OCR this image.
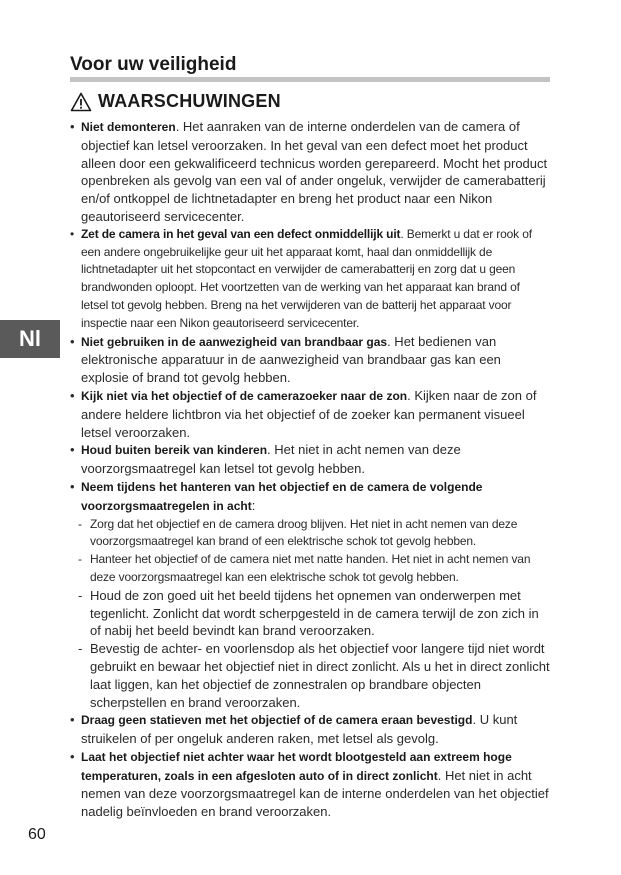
Voor uw veiligheid
WAARSCHUWINGEN
Nl

• Niet demonteren. Het aanraken van de interne onderdelen van de camera of objectief kan letsel veroorzaken. In het geval van een defect moet het product alleen door een gekwalificeerd technicus worden gerepareerd. Mocht het product openbreken als gevolg van een val of ander ongeluk, verwijder de camerabatterij en/of ontkoppel de lichtnetadapter en breng het product naar een Nikon geautoriseerd servicecenter.

• Zet de camera in het geval van een defect onmiddellijk uit. Bemerkt u dat er rook of een andere ongebruikelijke geur uit het apparaat komt, haal dan onmiddellijk de lichtnetadapter uit het stopcontact en verwijder de camerabatterij en zorg dat u geen brandwonden oploopt. Het voortzetten van de werking van het apparaat kan brand of letsel tot gevolg hebben. Breng na het verwijderen van de batterij het apparaat voor inspectie naar een Nikon geautoriseerd servicecenter.

• Niet gebruiken in de aanwezigheid van brandbaar gas. Het bedienen van elektronische apparatuur in de aanwezigheid van brandbaar gas kan een explosie of brand tot gevolg hebben.

• Kijk niet via het objectief of de camerazoeker naar de zon. Kijken naar de zon of andere heldere lichtbron via het objectief of de zoeker kan permanent visueel letsel veroorzaken.

• Houd buiten bereik van kinderen. Het niet in acht nemen van deze voorzorgsmaatregel kan letsel tot gevolg hebben.

• Neem tijdens het hanteren van het objectief en de camera de volgende voorzorgsmaatregelen in acht:

- Zorg dat het objectief en de camera droog blijven. Het niet in acht nemen van deze voorzorgsmaatregel kan brand of een elektrische schok tot gevolg hebben.

- Hanteer het objectief of de camera niet met natte handen. Het niet in acht nemen van deze voorzorgsmaatregel kan een elektrische schok tot gevolg hebben.

- Houd de zon goed uit het beeld tijdens het opnemen van onderwerpen met tegenlicht. Zonlicht dat wordt scherpgesteld in de camera terwijl de zon zich in of nabij het beeld bevindt kan brand veroorzaken.

- Bevestig de achter- en voorlensdop als het objectief voor langere tijd niet wordt gebruikt en bewaar het objectief niet in direct zonlicht. Als u het in direct zonlicht laat liggen, kan het objectief de zonnestralen op brandbare objecten scherpstellen en brand veroorzaken.

• Draag geen statieven met het objectief of de camera eraan bevestigd. U kunt struikelen of per ongeluk anderen raken, met letsel als gevolg.

• Laat het objectief niet achter waar het wordt blootgesteld aan extreem hoge temperaturen, zoals in een afgesloten auto of in direct zonlicht. Het niet in acht nemen van deze voorzorgsmaatregel kan de interne onderdelen van het objectief nadelig beïnvloeden en brand veroorzaken.

60
